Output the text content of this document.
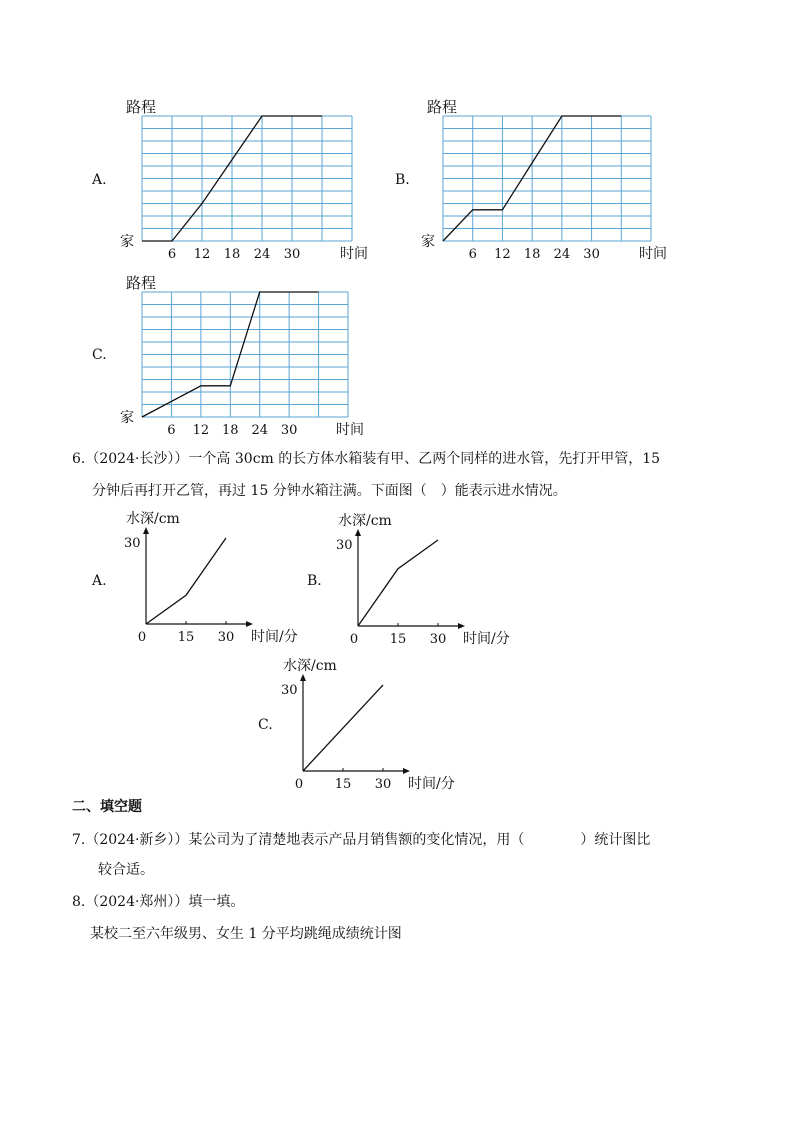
A.	B.
C.
路程
家
6 12 18 24 30	时间
路程
家
6 12 18 24 30	时间
路程
家
6 12 18 24 30	时间
6.（2024·长沙））一个高 30cm 的长方体水箱装有甲、乙两个同样的进水管，先打开甲管，15
分钟后再打开乙管，再过 15 分钟水箱注满。下面图（　）能表示进水情况。
A.	B.
C.
水深/cm
30
0 15 30 时间/分
水深/cm
30
0 15 30 时间/分
水深/cm
30
0 15 30 时间/分
二、填空题
7.（2024·新乡））某公司为了清楚地表示产品月销售额的变化情况，用（　　　　）统计图比
较合适。
8.（2024·郑州））填一填。
某校二至六年级男、女生 1 分平均跳绳成绩统计图
